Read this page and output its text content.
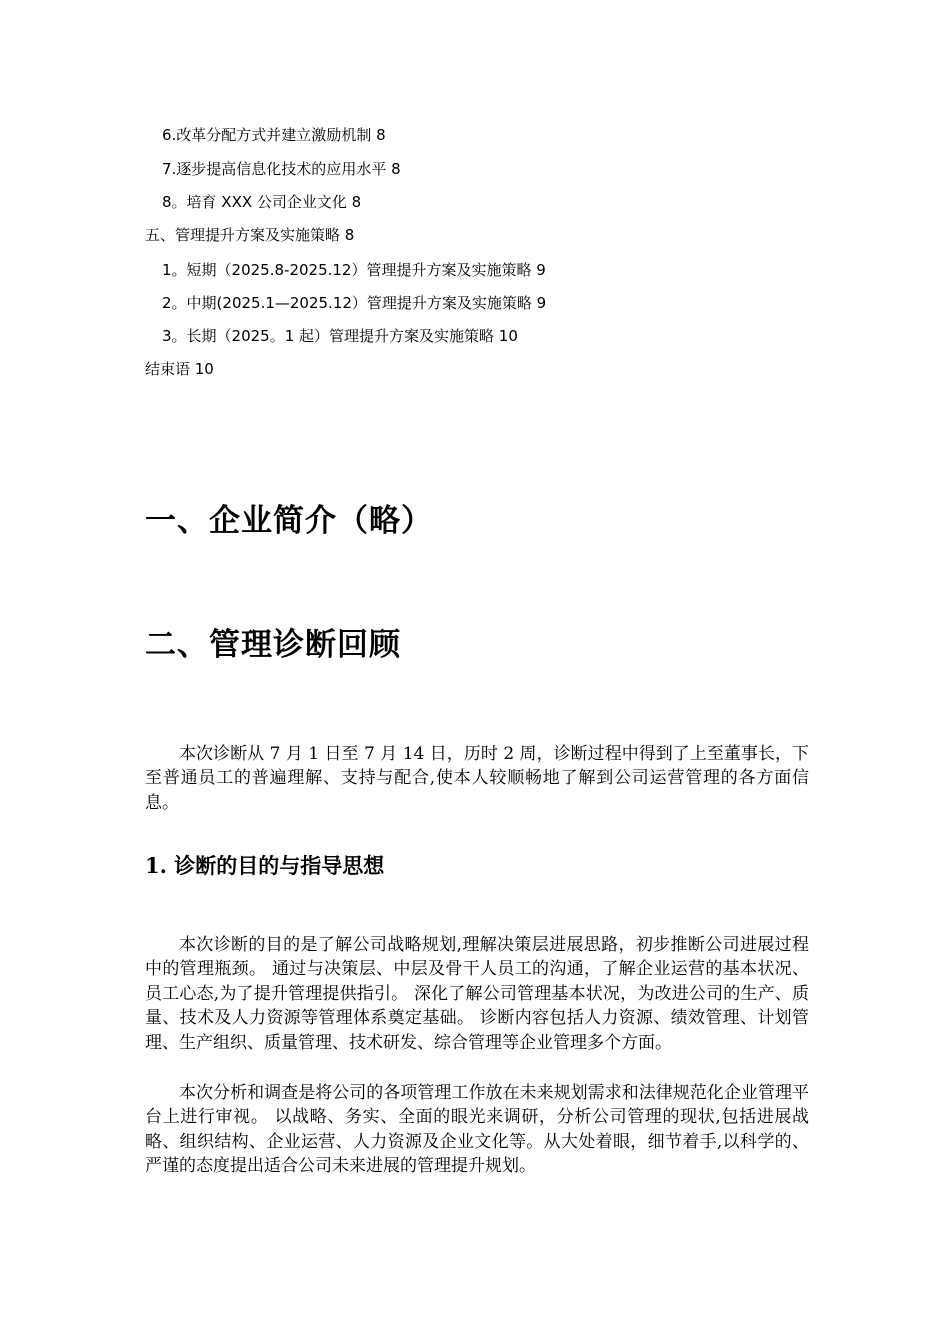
6.改革分配方式并建立激励机制 8
7.逐步提高信息化技术的应用水平 8
8。培育 XXX 公司企业文化 8
五、管理提升方案及实施策略 8
1。短期（2025.8-2025.12）管理提升方案及实施策略 9
2。中期(2025.1—2025.12）管理提升方案及实施策略 9
3。长期（2025。1 起）管理提升方案及实施策略 10
结束语 10
一、企业简介（略）
二、管理诊断回顾

本次诊断从 7 月 1 日至 7 月 14 日，历时 2 周，诊断过程中得到了上至董事长，下至普通员工的普遍理解、支持与配合,使本人较顺畅地了解到公司运营管理的各方面信息。

1. 诊断的目的与指导思想

本次诊断的目的是了解公司战略规划,理解决策层进展思路，初步推断公司进展过程中的管理瓶颈。 通过与决策层、中层及骨干人员工的沟通，了解企业运营的基本状况、员工心态,为了提升管理提供指引。 深化了解公司管理基本状况，为改进公司的生产、质量、技术及人力资源等管理体系奠定基础。 诊断内容包括人力资源、绩效管理、计划管理、生产组织、质量管理、技术研发、综合管理等企业管理多个方面。

本次分析和调查是将公司的各项管理工作放在未来规划需求和法律规范化企业管理平台上进行审视。 以战略、务实、全面的眼光来调研，分析公司管理的现状,包括进展战略、组织结构、企业运营、人力资源及企业文化等。从大处着眼，细节着手,以科学的、严谨的态度提出适合公司未来进展的管理提升规划。
